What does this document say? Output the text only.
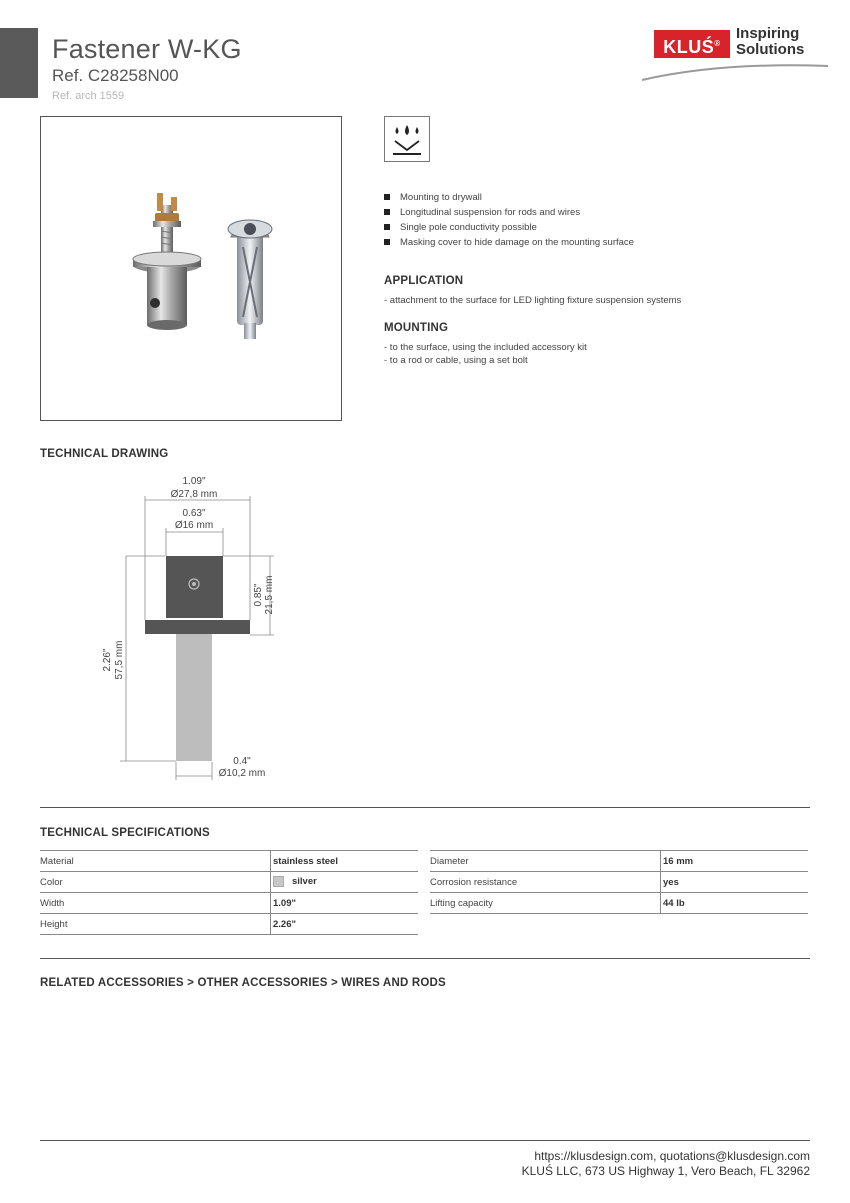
Fastener W-KG
Ref. C28258N00
Ref. arch 1559
KLUŚ®
Inspiring
Solutions
Mounting to drywall
Longitudinal suspension for rods and wires
Single pole conductivity possible
Masking cover to hide damage on the mounting surface
APPLICATION
- attachment to the surface for LED lighting fixture suspension systems
MOUNTING
- to the surface, using the included accessory kit
- to a rod or cable, using a set bolt
TECHNICAL DRAWING
1.09"
Ø27,8 mm
0.63"
Ø16 mm
0.85" 21,5 mm
2.26" 57,5 mm
0.4"
Ø10,2 mm
TECHNICAL SPECIFICATIONS
Material	stainless steel
Color	silver
Width	1.09"
Height	2.26"
Diameter	16 mm
Corrosion resistance	yes
Lifting capacity	44 lb
RELATED ACCESSORIES > OTHER ACCESSORIES > WIRES AND RODS
https://klusdesign.com, quotations@klusdesign.com
KLUŚ LLC, 673 US Highway 1, Vero Beach, FL 32962
